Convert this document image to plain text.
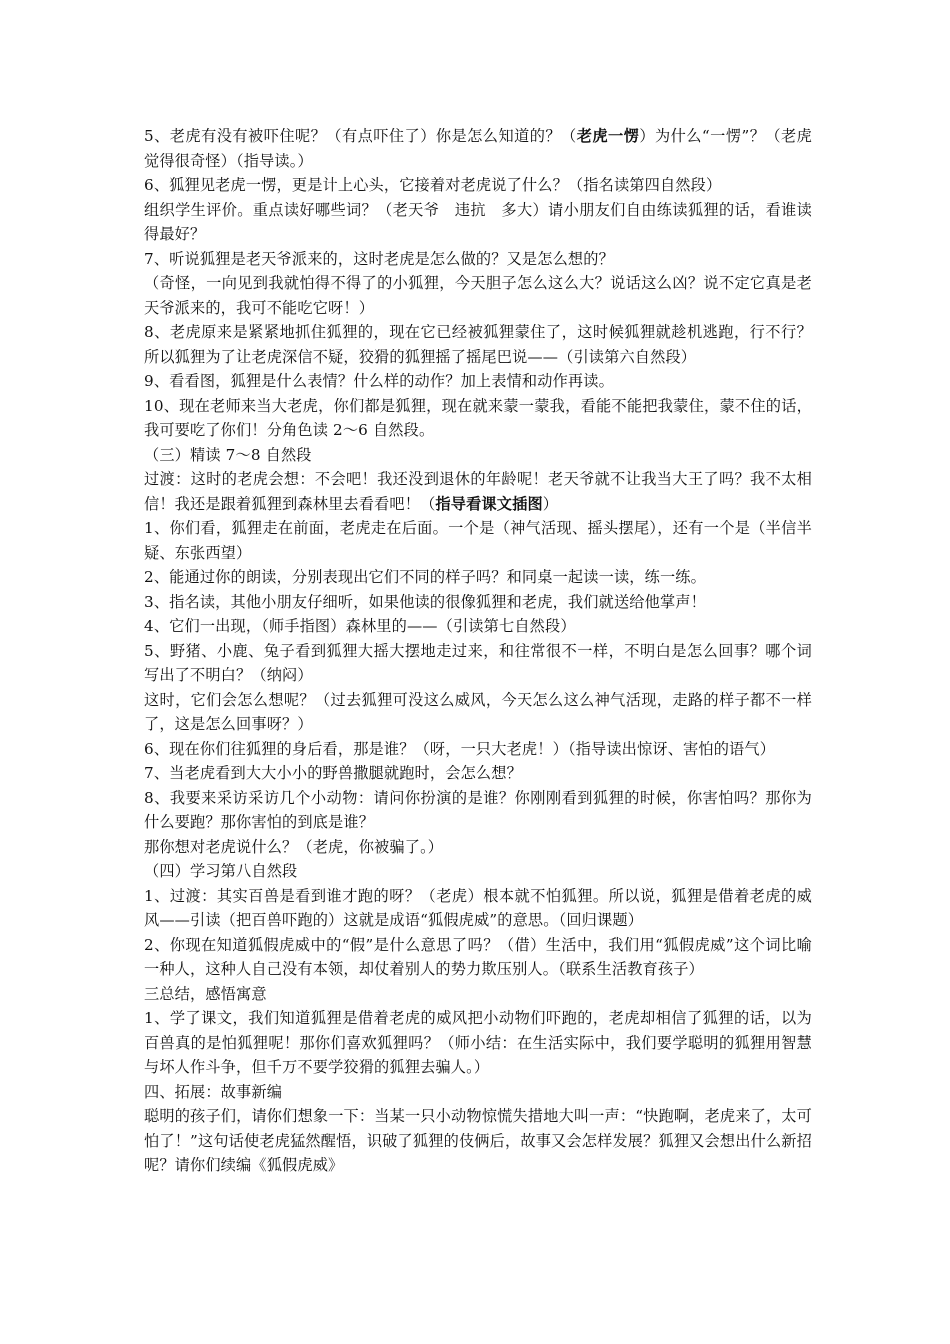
5、老虎有没有被吓住呢？（有点吓住了）你是怎么知道的？（老虎一愣）为什么“一愣”？（老虎觉得很奇怪）（指导读。）

6、狐狸见老虎一愣，更是计上心头，它接着对老虎说了什么？（指名读第四自然段）

组织学生评价。重点读好哪些词？（老天爷　违抗　多大）请小朋友们自由练读狐狸的话，看谁读得最好？

7、听说狐狸是老天爷派来的，这时老虎是怎么做的？又是怎么想的？

（奇怪，一向见到我就怕得不得了的小狐狸，今天胆子怎么这么大？说话这么凶？说不定它真是老天爷派来的，我可不能吃它呀！）

8、老虎原来是紧紧地抓住狐狸的，现在它已经被狐狸蒙住了，这时候狐狸就趁机逃跑，行不行？所以狐狸为了让老虎深信不疑，狡猾的狐狸摇了摇尾巴说——（引读第六自然段）

9、看看图，狐狸是什么表情？什么样的动作？加上表情和动作再读。

10、现在老师来当大老虎，你们都是狐狸，现在就来蒙一蒙我，看能不能把我蒙住，蒙不住的话，我可要吃了你们！分角色读 2～6 自然段。

（三）精读 7～8 自然段

过渡：这时的老虎会想：不会吧！我还没到退休的年龄呢！老天爷就不让我当大王了吗？我不太相信！我还是跟着狐狸到森林里去看看吧！（指导看课文插图）

1、你们看，狐狸走在前面，老虎走在后面。一个是（神气活现、摇头摆尾），还有一个是（半信半疑、东张西望）

2、能通过你的朗读，分别表现出它们不同的样子吗？和同桌一起读一读，练一练。

3、指名读，其他小朋友仔细听，如果他读的很像狐狸和老虎，我们就送给他掌声！

4、它们一出现，（师手指图）森林里的——（引读第七自然段）

5、野猪、小鹿、兔子看到狐狸大摇大摆地走过来，和往常很不一样，不明白是怎么回事？哪个词写出了不明白？（纳闷）

这时，它们会怎么想呢？（过去狐狸可没这么威风，今天怎么这么神气活现，走路的样子都不一样了，这是怎么回事呀？）

6、现在你们往狐狸的身后看，那是谁？（呀，一只大老虎！）（指导读出惊讶、害怕的语气）

7、当老虎看到大大小小的野兽撒腿就跑时，会怎么想？

8、我要来采访采访几个小动物：请问你扮演的是谁？你刚刚看到狐狸的时候，你害怕吗？那你为什么要跑？那你害怕的到底是谁？

那你想对老虎说什么？（老虎，你被骗了。）

（四）学习第八自然段

1、过渡：其实百兽是看到谁才跑的呀？（老虎）根本就不怕狐狸。所以说，狐狸是借着老虎的威风——引读（把百兽吓跑的）这就是成语“狐假虎威”的意思。（回归课题）

2、你现在知道狐假虎威中的“假”是什么意思了吗？（借）生活中，我们用“狐假虎威”这个词比喻一种人，这种人自己没有本领，却仗着别人的势力欺压别人。（联系生活教育孩子）

三总结，感悟寓意

1、学了课文，我们知道狐狸是借着老虎的威风把小动物们吓跑的，老虎却相信了狐狸的话，以为百兽真的是怕狐狸呢！那你们喜欢狐狸吗？（师小结：在生活实际中，我们要学聪明的狐狸用智慧与坏人作斗争，但千万不要学狡猾的狐狸去骗人。）

四、拓展：故事新编

聪明的孩子们，请你们想象一下：当某一只小动物惊慌失措地大叫一声：“快跑啊，老虎来了，太可怕了！”这句话使老虎猛然醒悟，识破了狐狸的伎俩后，故事又会怎样发展？狐狸又会想出什么新招呢？请你们续编《狐假虎威》
